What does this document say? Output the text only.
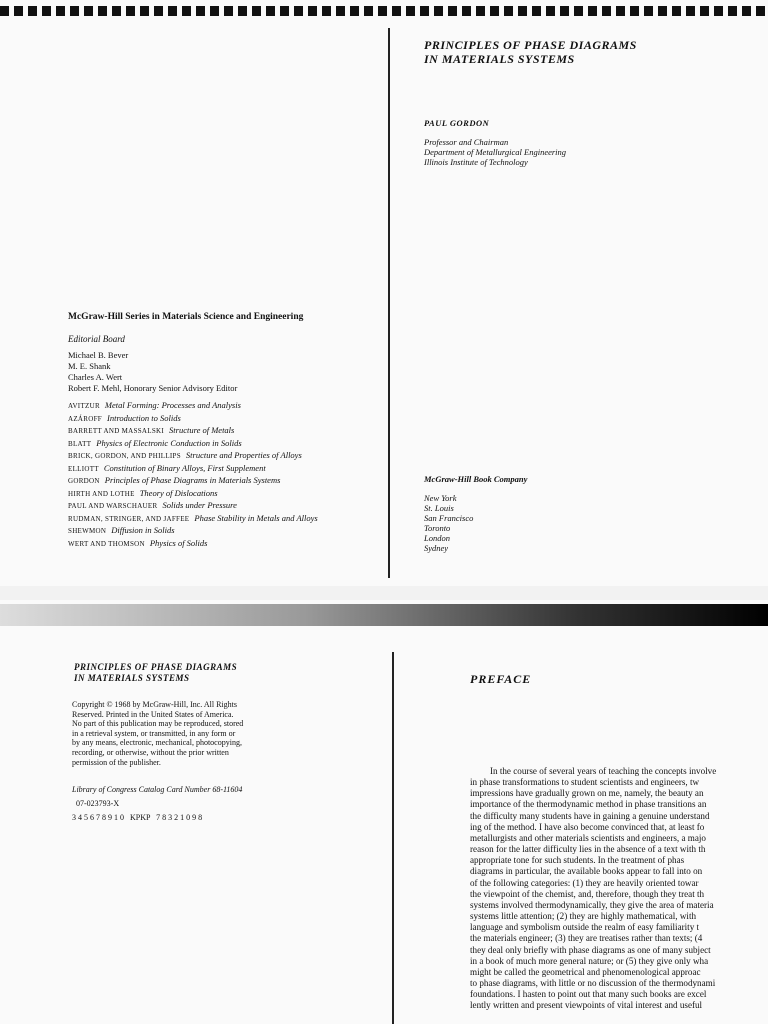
McGraw-Hill Series in Materials Science and Engineering
Editorial Board
Michael B. Bever
M. E. Shank
Charles A. Wert
Robert F. Mehl, Honorary Senior Advisory Editor
AVITZUR Metal Forming: Processes and Analysis
AZÁROFF Introduction to Solids
BARRETT AND MASSALSKI Structure of Metals
BLATT Physics of Electronic Conduction in Solids
BRICK, GORDON, AND PHILLIPS Structure and Properties of Alloys
ELLIOTT Constitution of Binary Alloys, First Supplement
GORDON Principles of Phase Diagrams in Materials Systems
HIRTH AND LOTHE Theory of Dislocations
PAUL AND WARSCHAUER Solids under Pressure
RUDMAN, STRINGER, AND JAFFEE Phase Stability in Metals and Alloys
SHEWMON Diffusion in Solids
WERT AND THOMSON Physics of Solids
PRINCIPLES OF PHASE DIAGRAMS
IN MATERIALS SYSTEMS
PAUL GORDON
Professor and Chairman
Department of Metallurgical Engineering
Illinois Institute of Technology
McGraw-Hill Book Company
New York
St. Louis
San Francisco
Toronto
London
Sydney
PRINCIPLES OF PHASE DIAGRAMS
IN MATERIALS SYSTEMS
Copyright © 1968 by McGraw-Hill, Inc. All Rights Reserved. Printed in the United States of America. No part of this publication may be reproduced, stored in a retrieval system, or transmitted, in any form or by any means, electronic, mechanical, photocopying, recording, or otherwise, without the prior written permission of the publisher.
Library of Congress Catalog Card Number 68-11604
07-023793-X
3 4 5 6 7 8 9 1 0   KPKP   7 8 3 2 1 0 9 8
PREFACE
In the course of several years of teaching the concepts involve
in phase transformations to student scientists and engineers, tw
impressions have gradually grown on me, namely, the beauty an
importance of the thermodynamic method in phase transitions an
the difficulty many students have in gaining a genuine understand
ing of the method. I have also become convinced that, at least fo
metallurgists and other materials scientists and engineers, a majo
reason for the latter difficulty lies in the absence of a text with th
appropriate tone for such students. In the treatment of phas
diagrams in particular, the available books appear to fall into on
of the following categories: (1) they are heavily oriented towar
the viewpoint of the chemist, and, therefore, though they treat th
systems involved thermodynamically, they give the area of materia
systems little attention; (2) they are highly mathematical, with
language and symbolism outside the realm of easy familiarity t
the materials engineer; (3) they are treatises rather than texts; (4
they deal only briefly with phase diagrams as one of many subject
in a book of much more general nature; or (5) they give only wha
might be called the geometrical and phenomenological approac
to phase diagrams, with little or no discussion of the thermodynami
foundations. I hasten to point out that many such books are excel
lently written and present viewpoints of vital interest and useful
